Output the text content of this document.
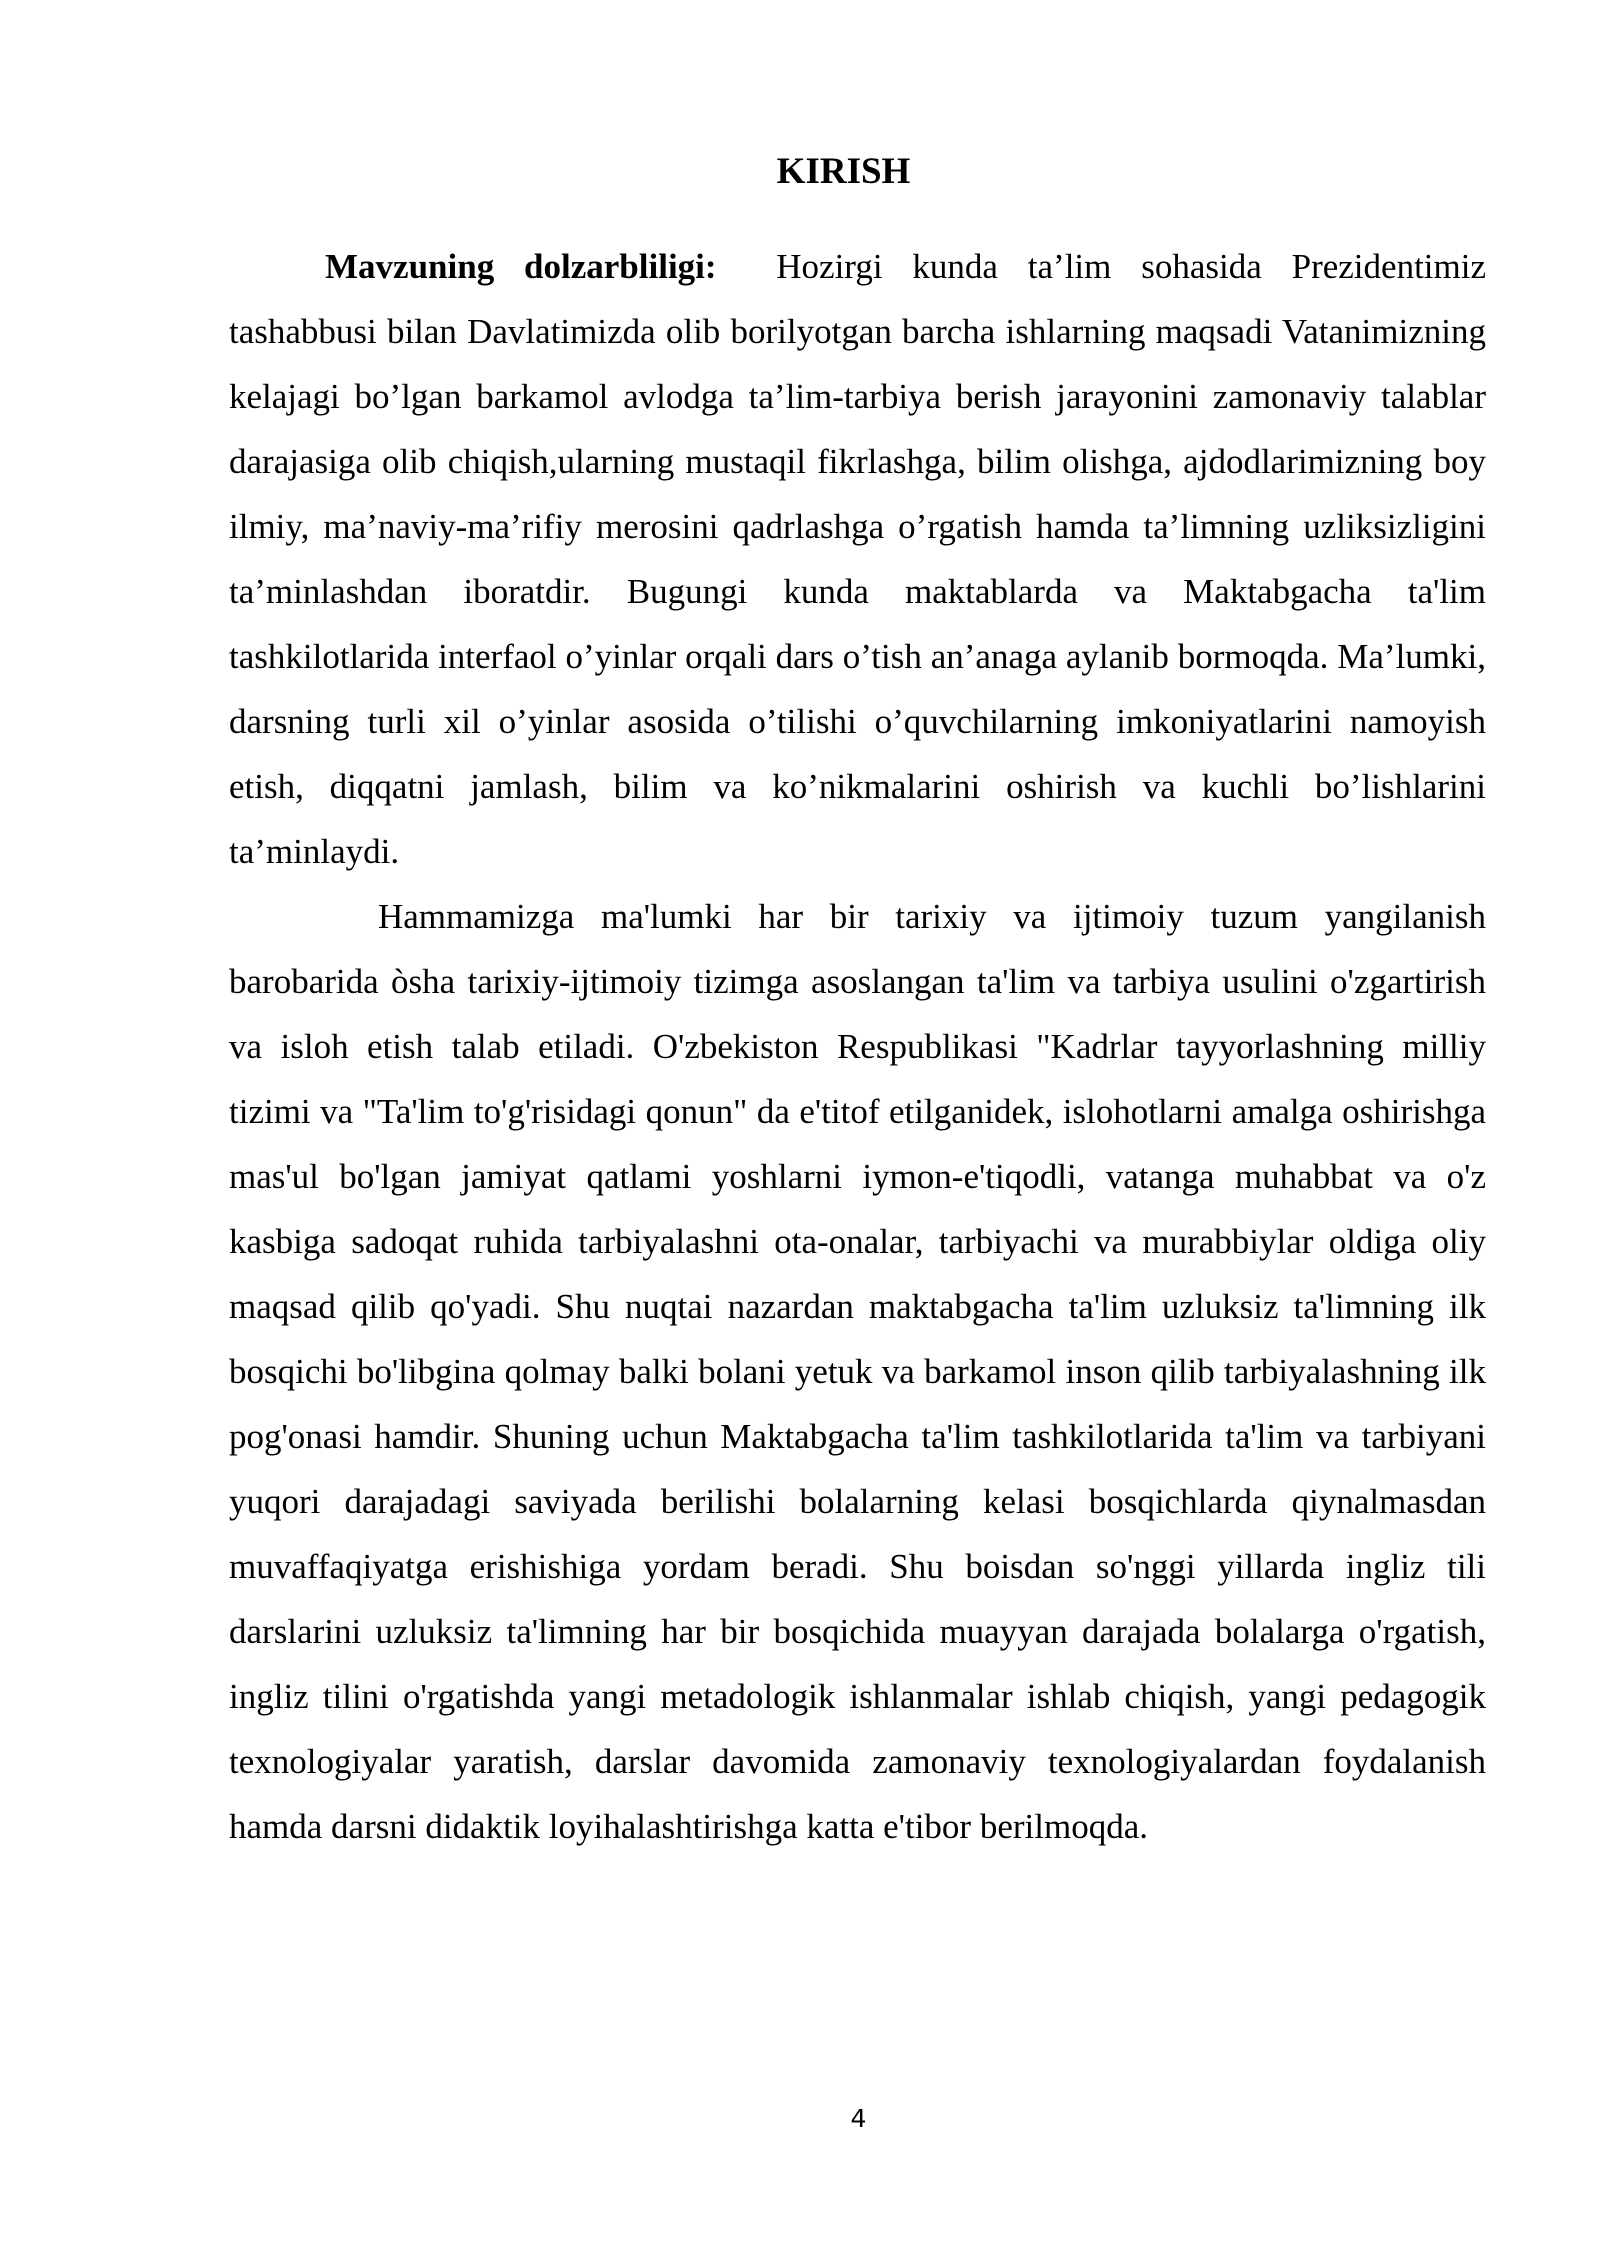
KIRISH

Mavzuning dolzarbliligi: Hozirgi kunda ta’lim sohasida Prezidentimiz tashabbusi bilan Davlatimizda olib borilyotgan barcha ishlarning maqsadi Vatanimizning kelajagi bo’lgan barkamol avlodga ta’lim-tarbiya berish jarayonini zamonaviy talablar darajasiga olib chiqish,ularning mustaqil fikrlashga, bilim olishga, ajdodlarimizning boy ilmiy, ma’naviy-ma’rifiy merosini qadrlashga o’rgatish hamda ta’limning uzliksizligini ta’minlashdan iboratdir. Bugungi kunda maktablarda va Maktabgacha ta'lim tashkilotlarida interfaol o’yinlar orqali dars o’tish an’anaga aylanib bormoqda. Ma’lumki, darsning turli xil o’yinlar asosida o’tilishi o’quvchilarning imkoniyatlarini namoyish etish, diqqatni jamlash, bilim va ko’nikmalarini oshirish va kuchli bo’lishlarini ta’minlaydi.

Hammamizga ma'lumki har bir tarixiy va ijtimoiy tuzum yangilanish barobarida òsha tarixiy-ijtimoiy tizimga asoslangan ta'lim va tarbiya usulini o'zgartirish va isloh etish talab etiladi. O'zbekiston Respublikasi "Kadrlar tayyorlashning milliy tizimi va "Ta'lim to'g'risidagi qonun" da e'titof etilganidek, islohotlarni amalga oshirishga mas'ul bo'lgan jamiyat qatlami yoshlarni iymon-e'tiqodli, vatanga muhabbat va o'z kasbiga sadoqat ruhida tarbiyalashni ota-onalar, tarbiyachi va murabbiylar oldiga oliy maqsad qilib qo'yadi. Shu nuqtai nazardan maktabgacha ta'lim uzluksiz ta'limning ilk bosqichi bo'libgina qolmay balki bolani yetuk va barkamol inson qilib tarbiyalashning ilk pog'onasi hamdir. Shuning uchun Maktabgacha ta'lim tashkilotlarida ta'lim va tarbiyani yuqori darajadagi saviyada berilishi bolalarning kelasi bosqichlarda qiynalmasdan muvaffaqiyatga erishishiga yordam beradi. Shu boisdan so'nggi yillarda ingliz tili darslarini uzluksiz ta'limning har bir bosqichida muayyan darajada bolalarga o'rgatish, ingliz tilini o'rgatishda yangi metadologik ishlanmalar ishlab chiqish, yangi pedagogik texnologiyalar yaratish, darslar davomida zamonaviy texnologiyalardan foydalanish hamda darsni didaktik loyihalashtirishga katta e'tibor berilmoqda.

4
